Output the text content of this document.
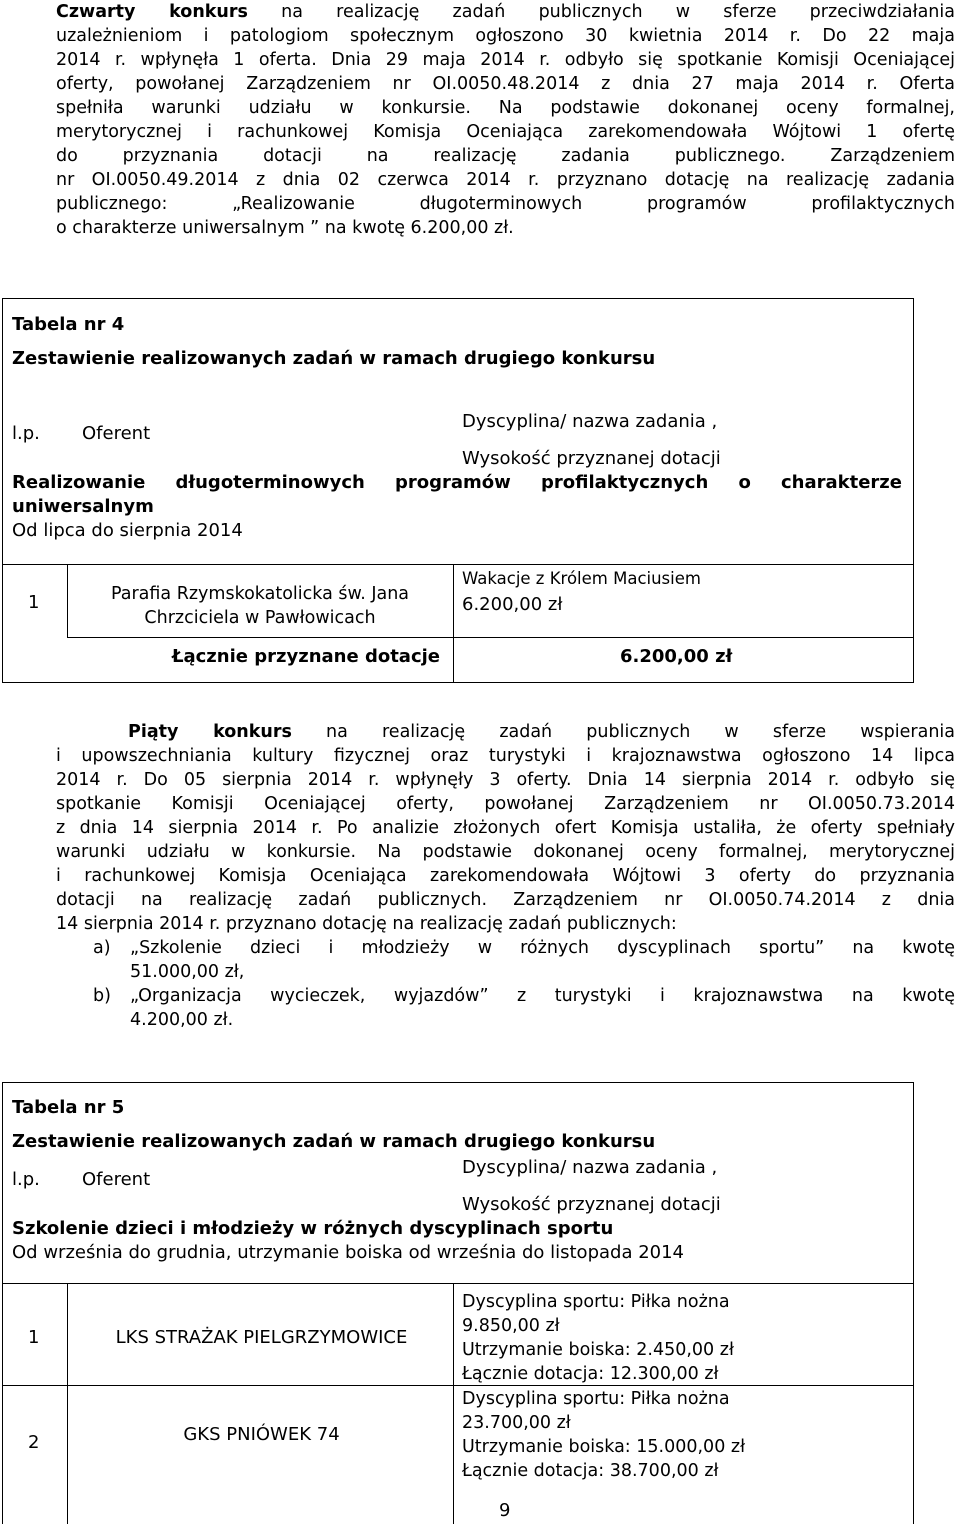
Czwarty konkurs na realizację zadań publicznych w sferze przeciwdziałania
uzależnieniom i patologiom społecznym ogłoszono 30 kwietnia 2014 r. Do 22 maja
2014 r. wpłynęła 1 oferta. Dnia 29 maja 2014 r. odbyło się spotkanie Komisji Oceniającej
oferty, powołanej Zarządzeniem nr OI.0050.48.2014 z dnia 27 maja 2014 r. Oferta
spełniła warunki udziału w konkursie. Na podstawie dokonanej oceny formalnej,
merytorycznej i rachunkowej Komisja Oceniająca zarekomendowała Wójtowi 1 ofertę
do przyznania dotacji na realizację zadania publicznego. Zarządzeniem
nr OI.0050.49.2014 z dnia 02 czerwca 2014 r. przyznano dotację na realizację zadania
publicznego: „Realizowanie długoterminowych programów profilaktycznych
o charakterze uniwersalnym ” na kwotę 6.200,00 zł.
Tabela nr 4
Zestawienie realizowanych zadań w ramach drugiego konkursu
l.p. Oferent
Dyscyplina/ nazwa zadania ,
Wysokość przyznanej dotacji
Realizowanie długoterminowych programów profilaktycznych o charakterze
uniwersalnym
Od lipca do sierpnia 2014
1	Parafia Rzymskokatolicka św. Jana
Chrzciciela w Pawłowicach
Wakacje z Królem Maciusiem
6.200,00 zł
Łącznie przyznane dotacje	6.200,00 zł
Piąty konkurs na realizację zadań publicznych w sferze wspierania
i upowszechniania kultury fizycznej oraz turystyki i krajoznawstwa ogłoszono 14 lipca
2014 r. Do 05 sierpnia 2014 r. wpłynęły 3 oferty. Dnia 14 sierpnia 2014 r. odbyło się
spotkanie Komisji Oceniającej oferty, powołanej Zarządzeniem nr OI.0050.73.2014
z dnia 14 sierpnia 2014 r. Po analizie złożonych ofert Komisja ustaliła, że oferty spełniały
warunki udziału w konkursie. Na podstawie dokonanej oceny formalnej, merytorycznej
i rachunkowej Komisja Oceniająca zarekomendowała Wójtowi 3 oferty do przyznania
dotacji na realizację zadań publicznych. Zarządzeniem nr OI.0050.74.2014 z dnia
14 sierpnia 2014 r. przyznano dotację na realizację zadań publicznych:
a) „Szkolenie dzieci i młodzieży w różnych dyscyplinach sportu” na kwotę
51.000,00 zł,
b) „Organizacja wycieczek, wyjazdów” z turystyki i krajoznawstwa na kwotę
4.200,00 zł.
Tabela nr 5
Zestawienie realizowanych zadań w ramach drugiego konkursu
l.p. Oferent
Dyscyplina/ nazwa zadania ,
Wysokość przyznanej dotacji
Szkolenie dzieci i młodzieży w różnych dyscyplinach sportu
Od września do grudnia, utrzymanie boiska od września do listopada 2014
1	LKS STRAŻAK PIELGRZYMOWICE
Dyscyplina sportu: Piłka nożna
9.850,00 zł
Utrzymanie boiska: 2.450,00 zł
Łącznie dotacja: 12.300,00 zł
2	GKS PNIÓWEK 74
Dyscyplina sportu: Piłka nożna
23.700,00 zł
Utrzymanie boiska: 15.000,00 zł
Łącznie dotacja: 38.700,00 zł
9
